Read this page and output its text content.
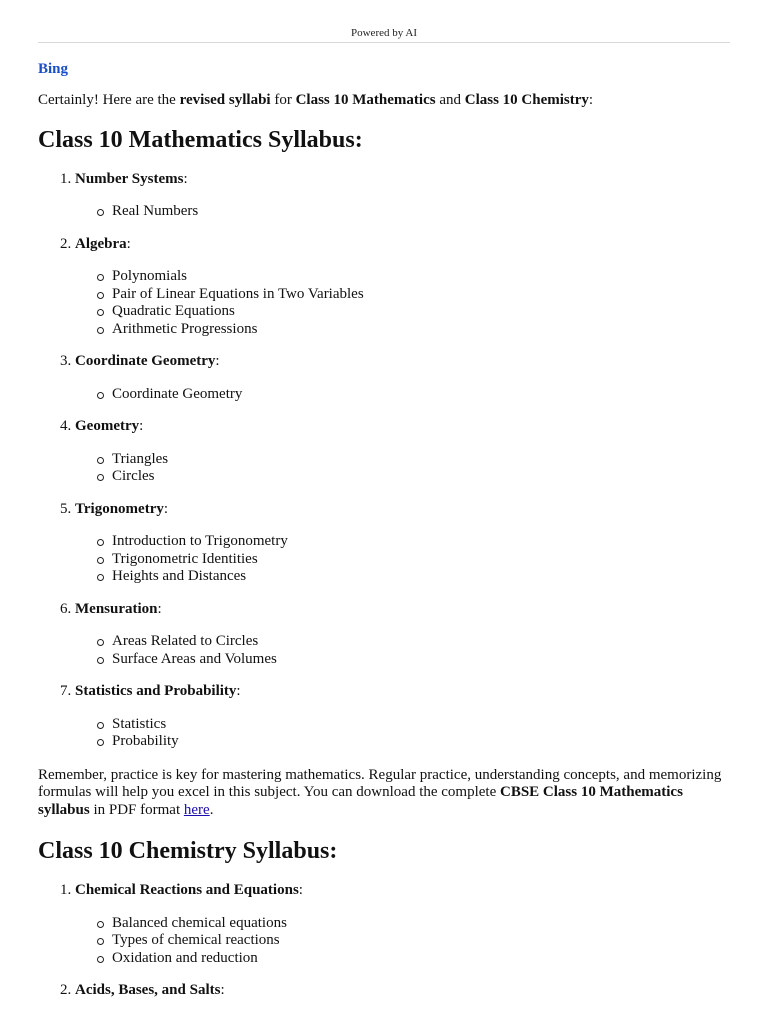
Powered by AI
Bing

Certainly! Here are the revised syllabi for Class 10 Mathematics and Class 10 Chemistry:

Class 10 Mathematics Syllabus:
1. Number Systems:
Real Numbers
2. Algebra:
Polynomials
Pair of Linear Equations in Two Variables
Quadratic Equations
Arithmetic Progressions
3. Coordinate Geometry:
Coordinate Geometry
4. Geometry:
Triangles
Circles
5. Trigonometry:
Introduction to Trigonometry
Trigonometric Identities
Heights and Distances
6. Mensuration:
Areas Related to Circles
Surface Areas and Volumes
7. Statistics and Probability:
Statistics
Probability

Remember, practice is key for mastering mathematics. Regular practice, understanding concepts, and memorizing formulas will help you excel in this subject. You can download the complete CBSE Class 10 Mathematics syllabus in PDF format here.

Class 10 Chemistry Syllabus:
1. Chemical Reactions and Equations:
Balanced chemical equations
Types of chemical reactions
Oxidation and reduction
2. Acids, Bases, and Salts:
